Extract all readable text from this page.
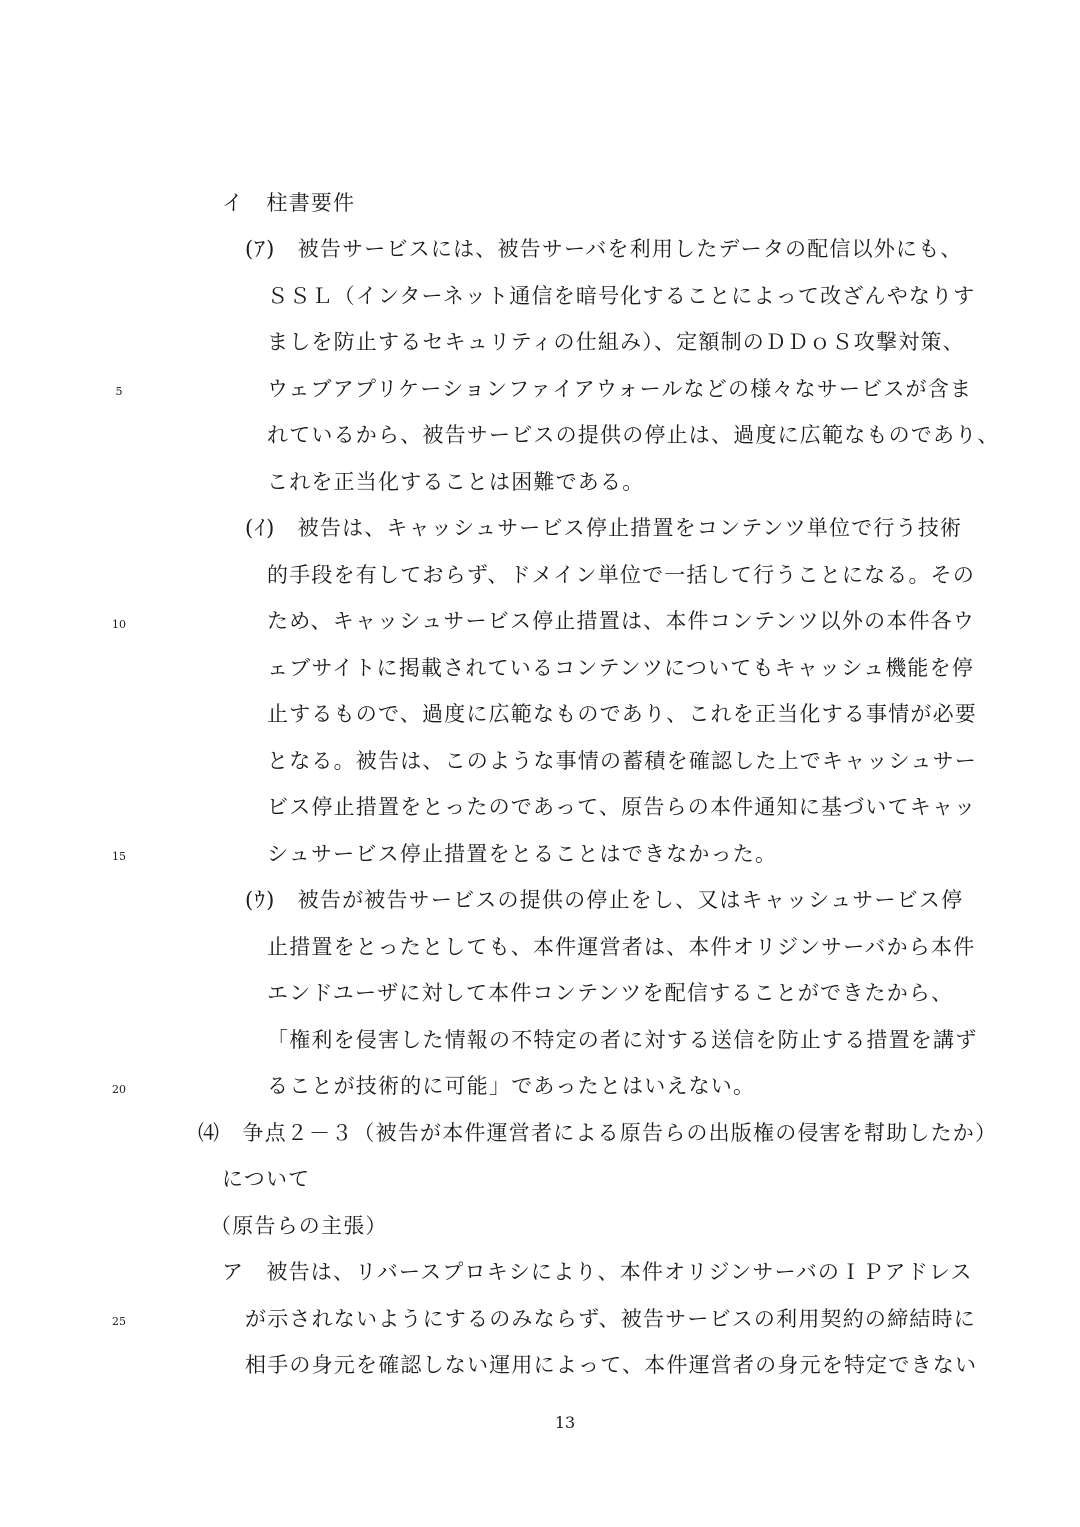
イ　柱書要件
(ｱ)　被告サービスには、被告サーバを利用したデータの配信以外にも、
ＳＳＬ（インターネット通信を暗号化することによって改ざんやなりす
ましを防止するセキュリティの仕組み）、定額制のＤＤｏＳ攻撃対策、
ウェブアプリケーションファイアウォールなどの様々なサービスが含ま
れているから、被告サービスの提供の停止は、過度に広範なものであり、
これを正当化することは困難である。
(ｲ)　被告は、キャッシュサービス停止措置をコンテンツ単位で行う技術
的手段を有しておらず、ドメイン単位で一括して行うことになる。その
ため、キャッシュサービス停止措置は、本件コンテンツ以外の本件各ウ
ェブサイトに掲載されているコンテンツについてもキャッシュ機能を停
止するもので、過度に広範なものであり、これを正当化する事情が必要
となる。被告は、このような事情の蓄積を確認した上でキャッシュサー
ビス停止措置をとったのであって、原告らの本件通知に基づいてキャッ
シュサービス停止措置をとることはできなかった。
(ｳ)　被告が被告サービスの提供の停止をし、又はキャッシュサービス停
止措置をとったとしても、本件運営者は、本件オリジンサーバから本件
エンドユーザに対して本件コンテンツを配信することができたから、
「権利を侵害した情報の不特定の者に対する送信を防止する措置を講ず
ることが技術的に可能」であったとはいえない。
⑷　争点２－３（被告が本件運営者による原告らの出版権の侵害を幇助したか）
について
（原告らの主張）
ア　被告は、リバースプロキシにより、本件オリジンサーバのＩＰアドレス
が示されないようにするのみならず、被告サービスの利用契約の締結時に
相手の身元を確認しない運用によって、本件運営者の身元を特定できない
5
10
15
20
25
13
